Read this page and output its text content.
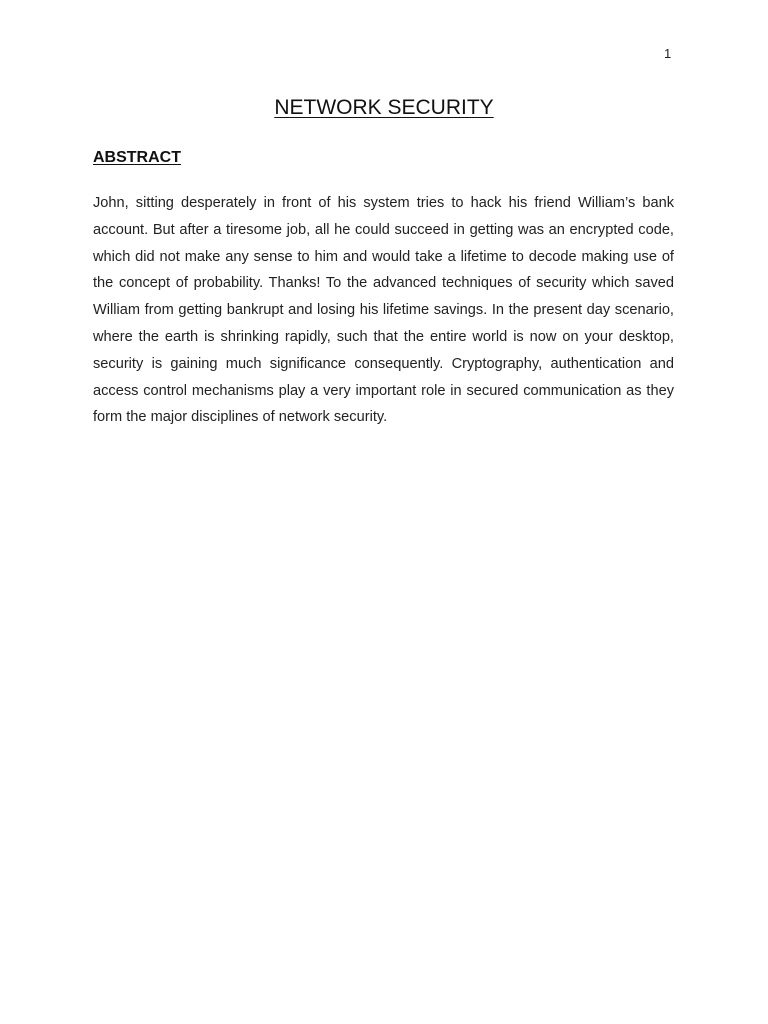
1
NETWORK SECURITY
ABSTRACT

John, sitting desperately in front of his system tries to hack his friend William’s bank account. But after a tiresome job, all he could succeed in getting was an encrypted code, which did not make any sense to him and would take a lifetime to decode making use of the concept of probability. Thanks! To the advanced techniques of security which saved William from getting bankrupt and losing his lifetime savings. In the present day scenario, where the earth is shrinking rapidly, such that the entire world is now on your desktop, security is gaining much significance consequently. Cryptography, authentication and access control mechanisms play a very important role in secured communication as they form the major disciplines of network security.
